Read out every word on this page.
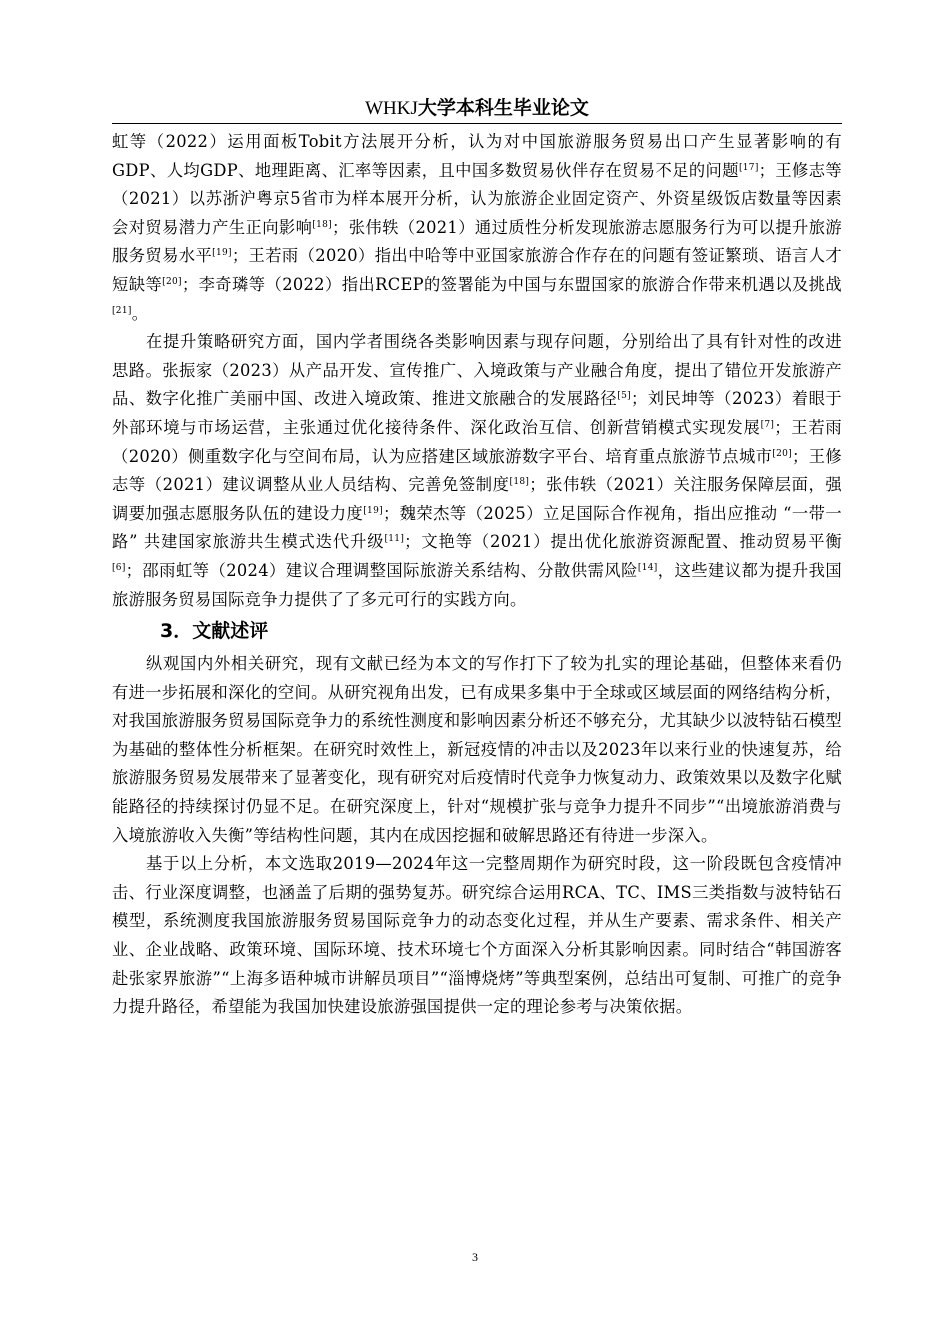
WHKJ大学本科生毕业论文

虹等（2022）运用面板Tobit方法展开分析，认为对中国旅游服务贸易出口产生显著影响的有GDP、人均GDP、地理距离、汇率等因素，且中国多数贸易伙伴存在贸易不足的问题[17]；王修志等（2021）以苏浙沪粤京5省市为样本展开分析，认为旅游企业固定资产、外资星级饭店数量等因素会对贸易潜力产生正向影响[18]；张伟轶（2021）通过质性分析发现旅游志愿服务行为可以提升旅游服务贸易水平[19]；王若雨（2020）指出中哈等中亚国家旅游合作存在的问题有签证繁琐、语言人才短缺等[20]；李奇璘等（2022）指出RCEP的签署能为中国与东盟国家的旅游合作带来机遇以及挑战[21]。

在提升策略研究方面，国内学者围绕各类影响因素与现存问题，分别给出了具有针对性的改进思路。张振家（2023）从产品开发、宣传推广、入境政策与产业融合角度，提出了错位开发旅游产品、数字化推广美丽中国、改进入境政策、推进文旅融合的发展路径[5]；刘民坤等（2023）着眼于外部环境与市场运营，主张通过优化接待条件、深化政治互信、创新营销模式实现发展[7]；王若雨（2020）侧重数字化与空间布局，认为应搭建区域旅游数字平台、培育重点旅游节点城市[20]；王修志等（2021）建议调整从业人员结构、完善免签制度[18]；张伟轶（2021）关注服务保障层面，强调要加强志愿服务队伍的建设力度[19]；魏荣杰等（2025）立足国际合作视角，指出应推动 “一带一路” 共建国家旅游共生模式迭代升级[11]；文艳等（2021）提出优化旅游资源配置、推动贸易平衡[6]；邵雨虹等（2024）建议合理调整国际旅游关系结构、分散供需风险[14]，这些建议都为提升我国旅游服务贸易国际竞争力提供了了多元可行的实践方向。

3．文献述评

纵观国内外相关研究，现有文献已经为本文的写作打下了较为扎实的理论基础，但整体来看仍有进一步拓展和深化的空间。从研究视角出发，已有成果多集中于全球或区域层面的网络结构分析，对我国旅游服务贸易国际竞争力的系统性测度和影响因素分析还不够充分，尤其缺少以波特钻石模型为基础的整体性分析框架。在研究时效性上，新冠疫情的冲击以及2023年以来行业的快速复苏，给旅游服务贸易发展带来了显著变化，现有研究对后疫情时代竞争力恢复动力、政策效果以及数字化赋能路径的持续探讨仍显不足。在研究深度上，针对“规模扩张与竞争力提升不同步”“出境旅游消费与入境旅游收入失衡”等结构性问题，其内在成因挖掘和破解思路还有待进一步深入。

基于以上分析，本文选取2019—2024年这一完整周期作为研究时段，这一阶段既包含疫情冲击、行业深度调整，也涵盖了后期的强势复苏。研究综合运用RCA、TC、IMS三类指数与波特钻石模型，系统测度我国旅游服务贸易国际竞争力的动态变化过程，并从生产要素、需求条件、相关产业、企业战略、政策环境、国际环境、技术环境七个方面深入分析其影响因素。同时结合“韩国游客赴张家界旅游”“上海多语种城市讲解员项目”“淄博烧烤”等典型案例，总结出可复制、可推广的竞争力提升路径，希望能为我国加快建设旅游强国提供一定的理论参考与决策依据。

3
